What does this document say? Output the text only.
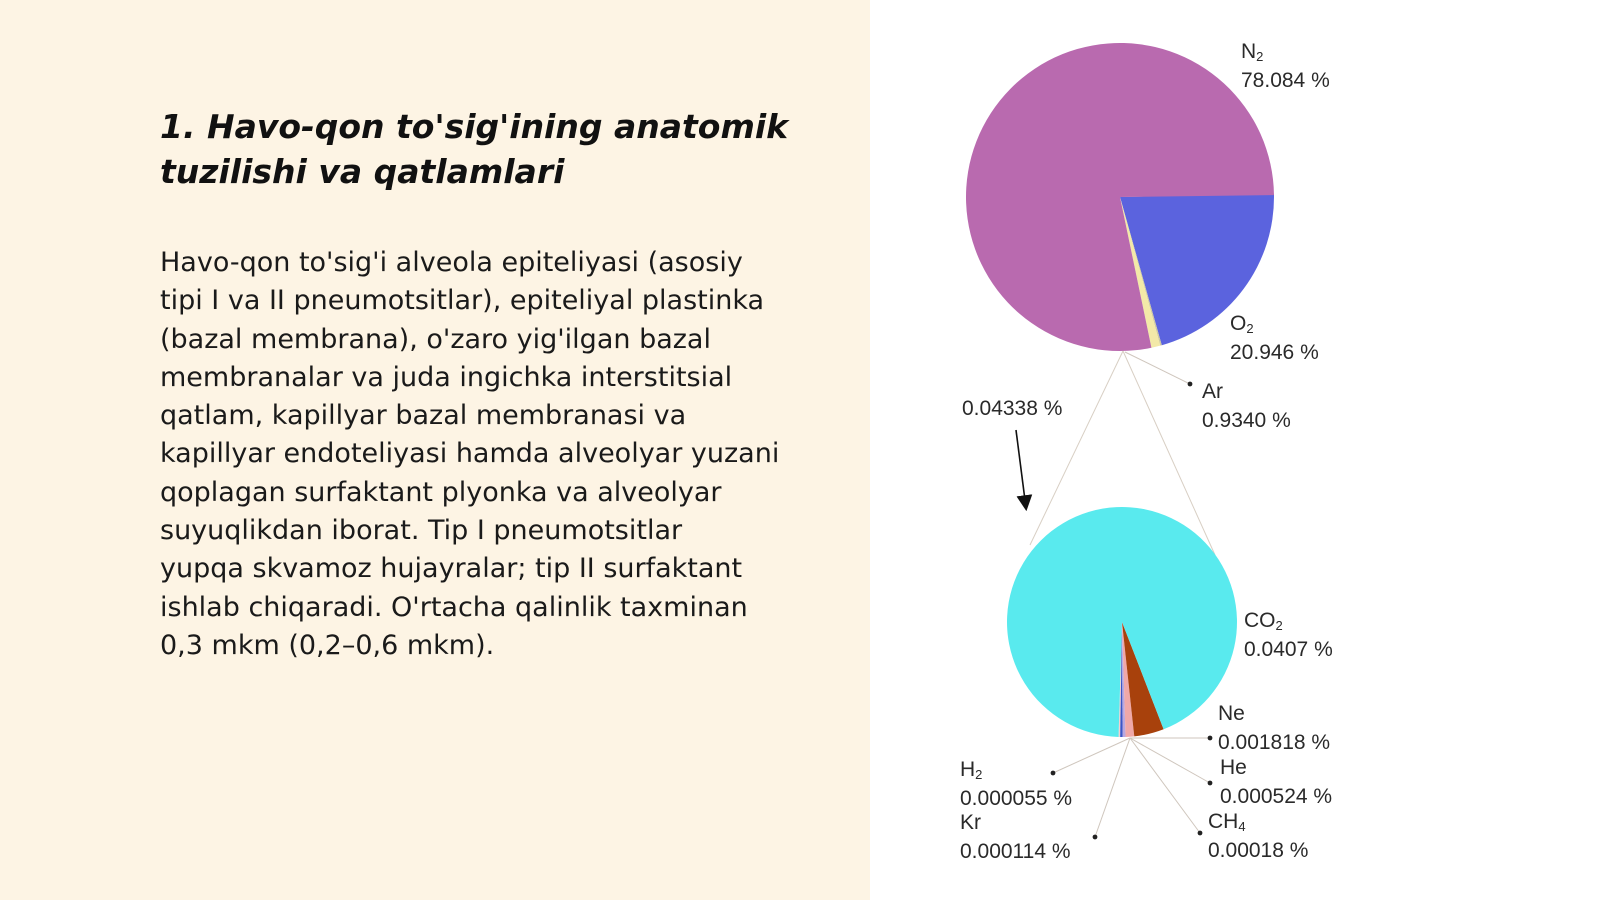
1. Havo-qon to'sig'ining anatomik
tuzilishi va qatlamlari
Havo-qon to'sig'i alveola epiteliyasi (asosiy
tipi I va II pneumotsitlar), epiteliyal plastinka
(bazal membrana), o'zaro yig'ilgan bazal
membranalar va juda ingichka interstitsial
qatlam, kapillyar bazal membranasi va
kapillyar endoteliyasi hamda alveolyar yuzani
qoplagan surfaktant plyonka va alveolyar
suyuqlikdan iborat. Tip I pneumotsitlar
yupqa skvamoz hujayralar; tip II surfaktant
ishlab chiqaradi. O'rtacha qalinlik taxminan
0,3 mkm (0,2–0,6 mkm).
N2
78.084 %
O2
20.946 %
Ar
0.9340 %
0.04338 %
CO2
0.0407 %
Ne
0.001818 %
He
0.000524 %
CH4
0.00018 %
Kr
0.000114 %
H2
0.000055 %
